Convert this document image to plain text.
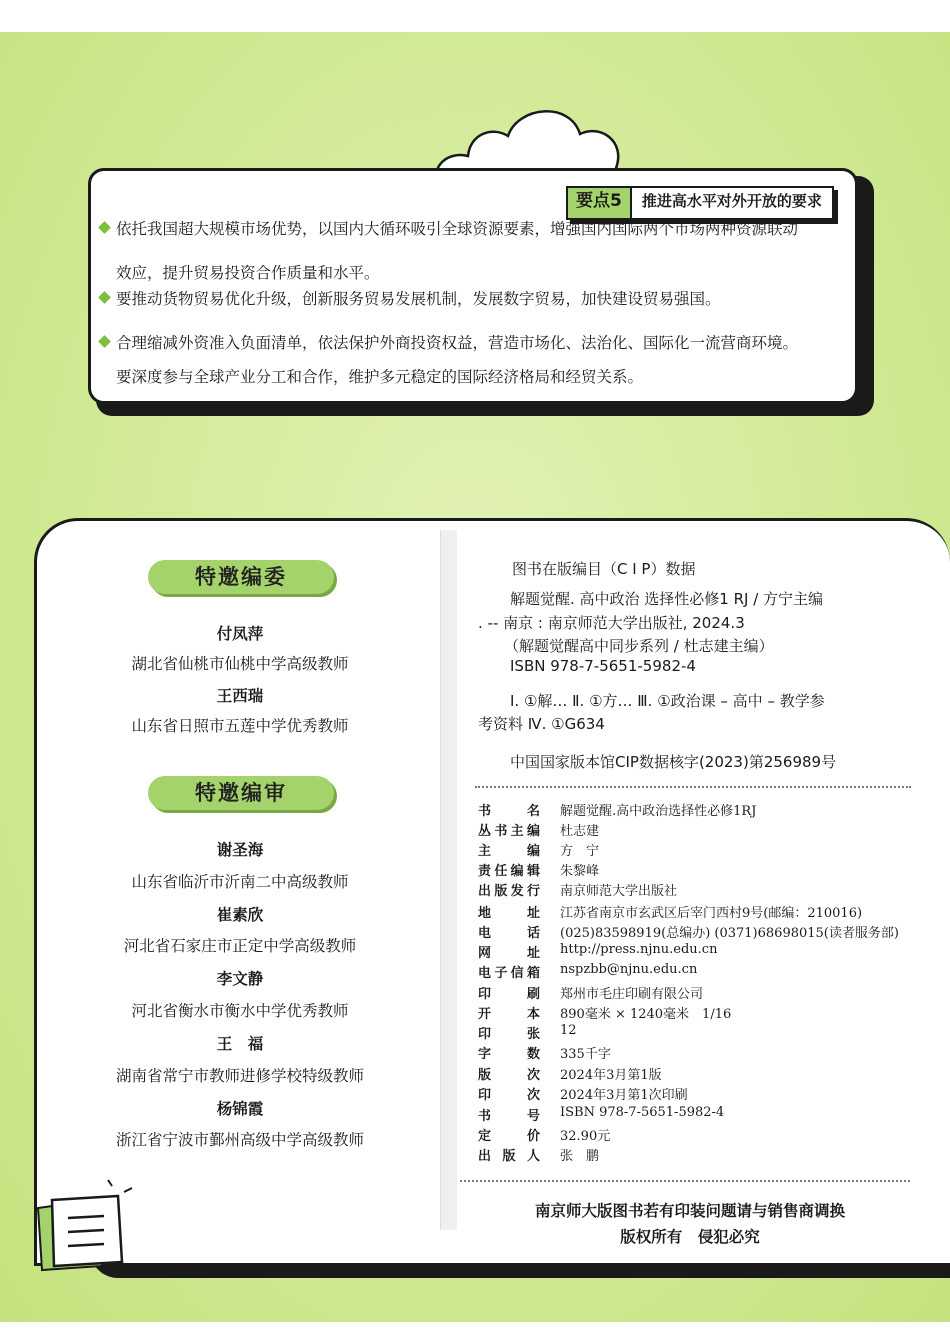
要点5	推进高水平对外开放的要求
依托我国超大规模市场优势，以国内大循环吸引全球资源要素，增强国内国际两个市场两种资源联动
效应，提升贸易投资合作质量和水平。
要推动货物贸易优化升级，创新服务贸易发展机制，发展数字贸易，加快建设贸易强国。
合理缩减外资准入负面清单，依法保护外商投资权益，营造市场化、法治化、国际化一流营商环境。
要深度参与全球产业分工和合作，维护多元稳定的国际经济格局和经贸关系。
特邀编委
付凤萍
湖北省仙桃市仙桃中学高级教师
王西瑞
山东省日照市五莲中学优秀教师
特邀编审
谢圣海
山东省临沂市沂南二中高级教师
崔素欣
河北省石家庄市正定中学高级教师
李文静
河北省衡水市衡水中学优秀教师
王　福
湖南省常宁市教师进修学校特级教师
杨锦霞
浙江省宁波市鄞州高级中学高级教师
图书在版编目（C I P）数据
解题觉醒. 高中政治 选择性必修1 RJ / 方宁主编
. -- 南京 : 南京师范大学出版社, 2024.3
（解题觉醒高中同步系列 / 杜志建主编）
ISBN 978-7-5651-5982-4
Ⅰ. ①解… Ⅱ. ①方… Ⅲ. ①政治课 – 高中 – 教学参
考资料 Ⅳ. ①G634
中国国家版本馆CIP数据核字(2023)第256989号
书　　名 解题觉醒.高中政治选择性必修1RJ
丛书主编 杜志建
主　　编 方　宁
责任编辑 朱黎峰
出版发行 南京师范大学出版社
地　　址 江苏省南京市玄武区后宰门西村9号(邮编：210016)
电　　话 (025)83598919(总编办) (0371)68698015(读者服务部)
网　　址 http://press.njnu.edu.cn
电子信箱 nspzbb@njnu.edu.cn
印　　刷 郑州市毛庄印刷有限公司
开　　本 890毫米 × 1240毫米　1/16
印　　张 12
字　　数 335千字
版　　次 2024年3月第1版
印　　次 2024年3月第1次印刷
书　　号 ISBN 978-7-5651-5982-4
定　　价 32.90元
出 版 人 张　鹏
南京师大版图书若有印装问题请与销售商调换
版权所有　侵犯必究
